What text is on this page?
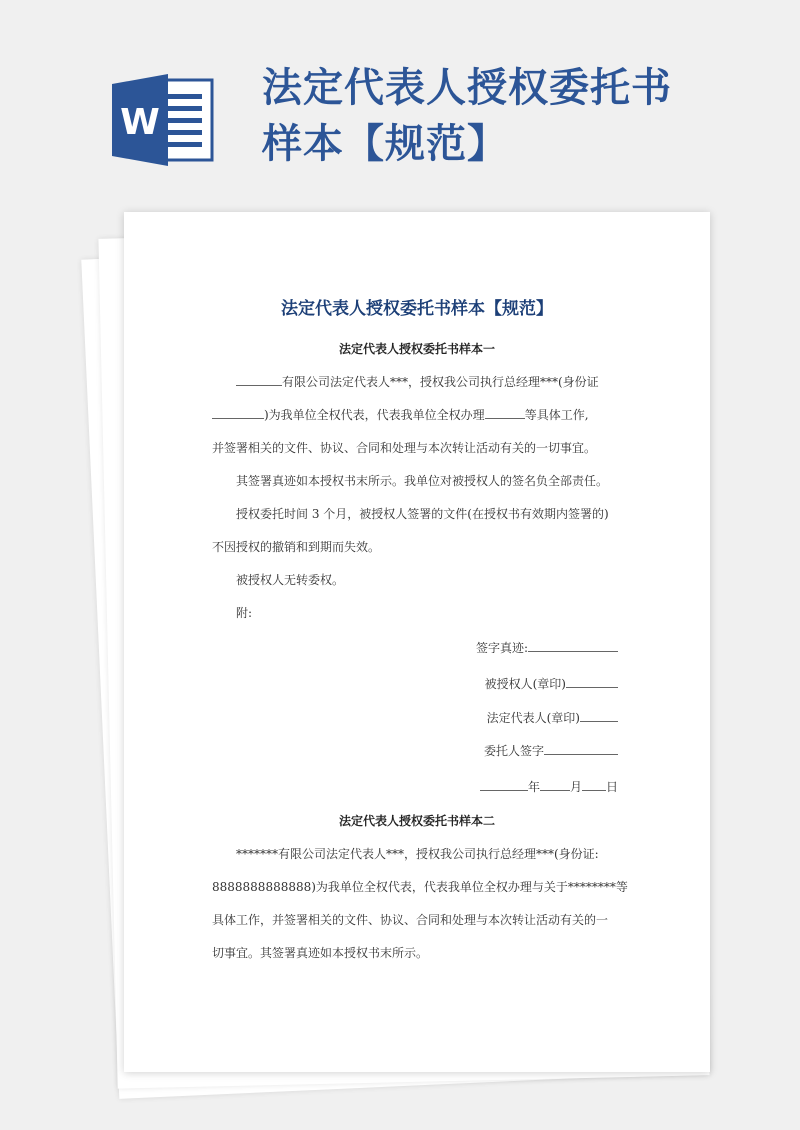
W
法定代表人授权委托书
样本【规范】
法定代表人授权委托书样本【规范】
法定代表人授权委托书样本一
有限公司法定代表人***，授权我公司执行总经理***(身份证
)为我单位全权代表，代表我单位全权办理	等具体工作,
并签署相关的文件、协议、合同和处理与本次转让活动有关的一切事宜。
其签署真迹如本授权书末所示。我单位对被授权人的签名负全部责任。
授权委托时间 3 个月，被授权人签署的文件(在授权书有效期内签署的)
不因授权的撤销和到期而失效。
被授权人无转委权。
附:
签字真迹:
被授权人(章印)
法定代表人(章印)
委托人签字
年	月 日
法定代表人授权委托书样本二
*******有限公司法定代表人***，授权我公司执行总经理***(身份证:
8888888888888)为我单位全权代表，代表我单位全权办理与关于********等
具体工作，并签署相关的文件、协议、合同和处理与本次转让活动有关的一
切事宜。其签署真迹如本授权书末所示。
